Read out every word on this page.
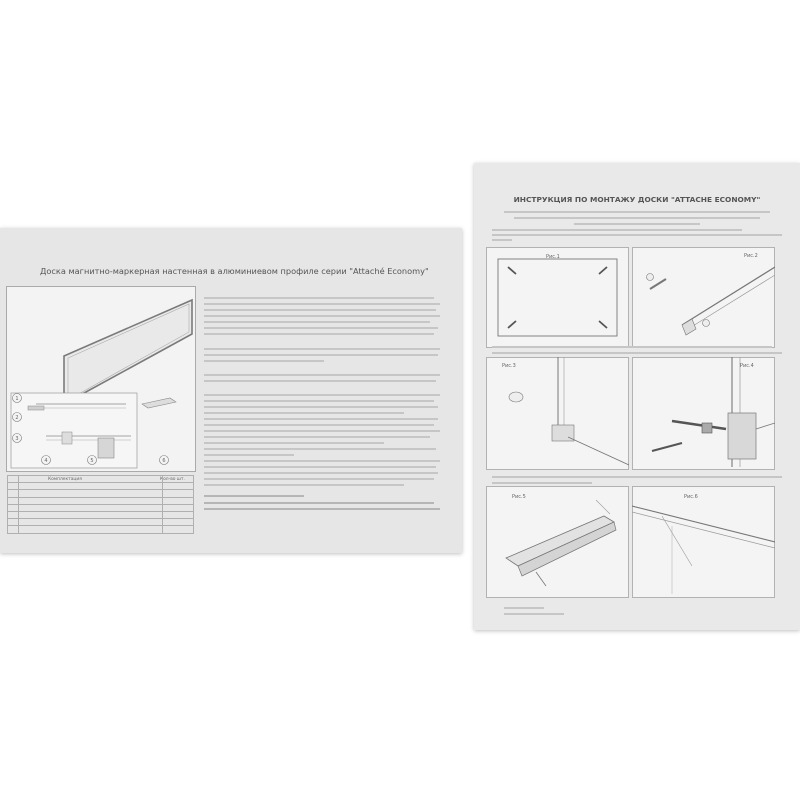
Доска магнитно-маркерная настенная в алюминиевом профиле серии "Attaché Economy"
1
2
3
4	5	6
Комплектация	Кол-во шт.

ИНСТРУКЦИЯ ПО МОНТАЖУ ДОСКИ "ATTACHE ECONOMY"
Рис.1	Рис.2
Рис.3	Рис.4
Рис.5	Рис.6
